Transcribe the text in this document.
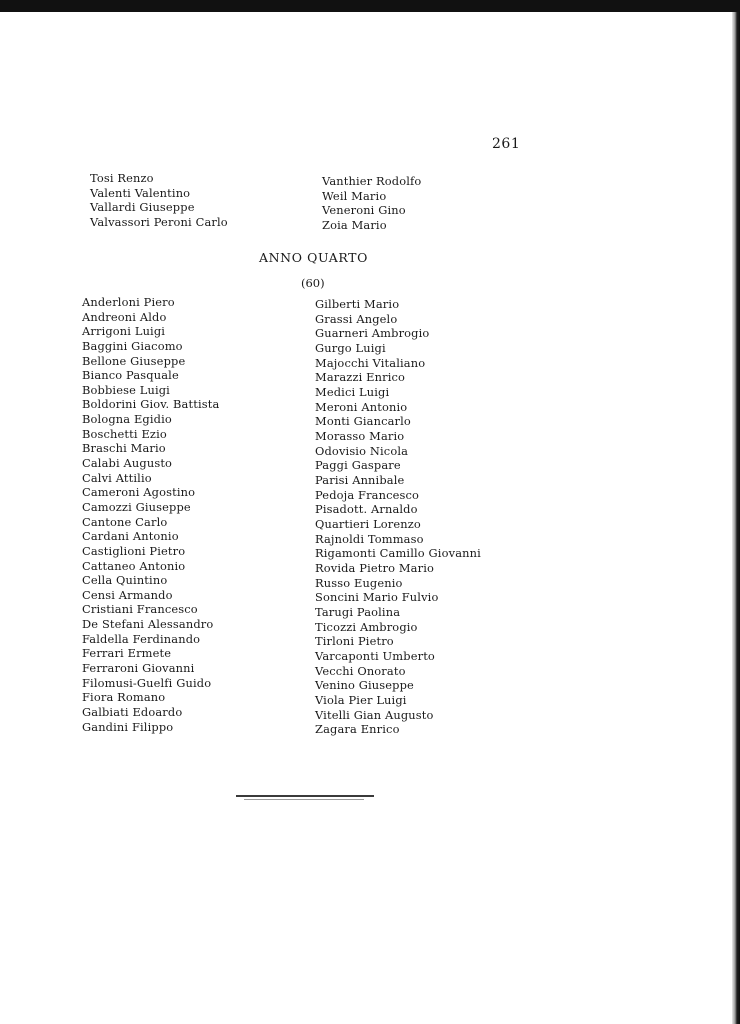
261
Tosi Renzo
Valenti Valentino
Vallardi Giuseppe
Valvassori Peroni Carlo
Vanthier Rodolfo
Weil Mario
Veneroni Gino
Zoia Mario
ANNO QUARTO
(60)
Anderloni Piero
Andreoni Aldo
Arrigoni Luigi
Baggini Giacomo
Bellone Giuseppe
Bianco Pasquale
Bobbiese Luigi
Boldorini Giov. Battista
Bologna Egidio
Boschetti Ezio
Braschi Mario
Calabi Augusto
Calvi Attilio
Cameroni Agostino
Camozzi Giuseppe
Cantone Carlo
Cardani Antonio
Castiglioni Pietro
Cattaneo Antonio
Cella Quintino
Censi Armando
Cristiani Francesco
De Stefani Alessandro
Faldella Ferdinando
Ferrari Ermete
Ferraroni Giovanni
Filomusi-Guelfi Guido
Fiora Romano
Galbiati Edoardo
Gandini Filippo
Gilberti Mario
Grassi Angelo
Guarneri Ambrogio
Gurgo Luigi
Majocchi Vitaliano
Marazzi Enrico
Medici Luigi
Meroni Antonio
Monti Giancarlo
Morasso Mario
Odovisio Nicola
Paggi Gaspare
Parisi Annibale
Pedoja Francesco
Pisadott. Arnaldo
Quartieri Lorenzo
Rajnoldi Tommaso
Rigamonti Camillo Giovanni
Rovida Pietro Mario
Russo Eugenio
Soncini Mario Fulvio
Tarugi Paolina
Ticozzi Ambrogio
Tirloni Pietro
Varcaponti Umberto
Vecchi Onorato
Venino Giuseppe
Viola Pier Luigi
Vitelli Gian Augusto
Zagara Enrico
